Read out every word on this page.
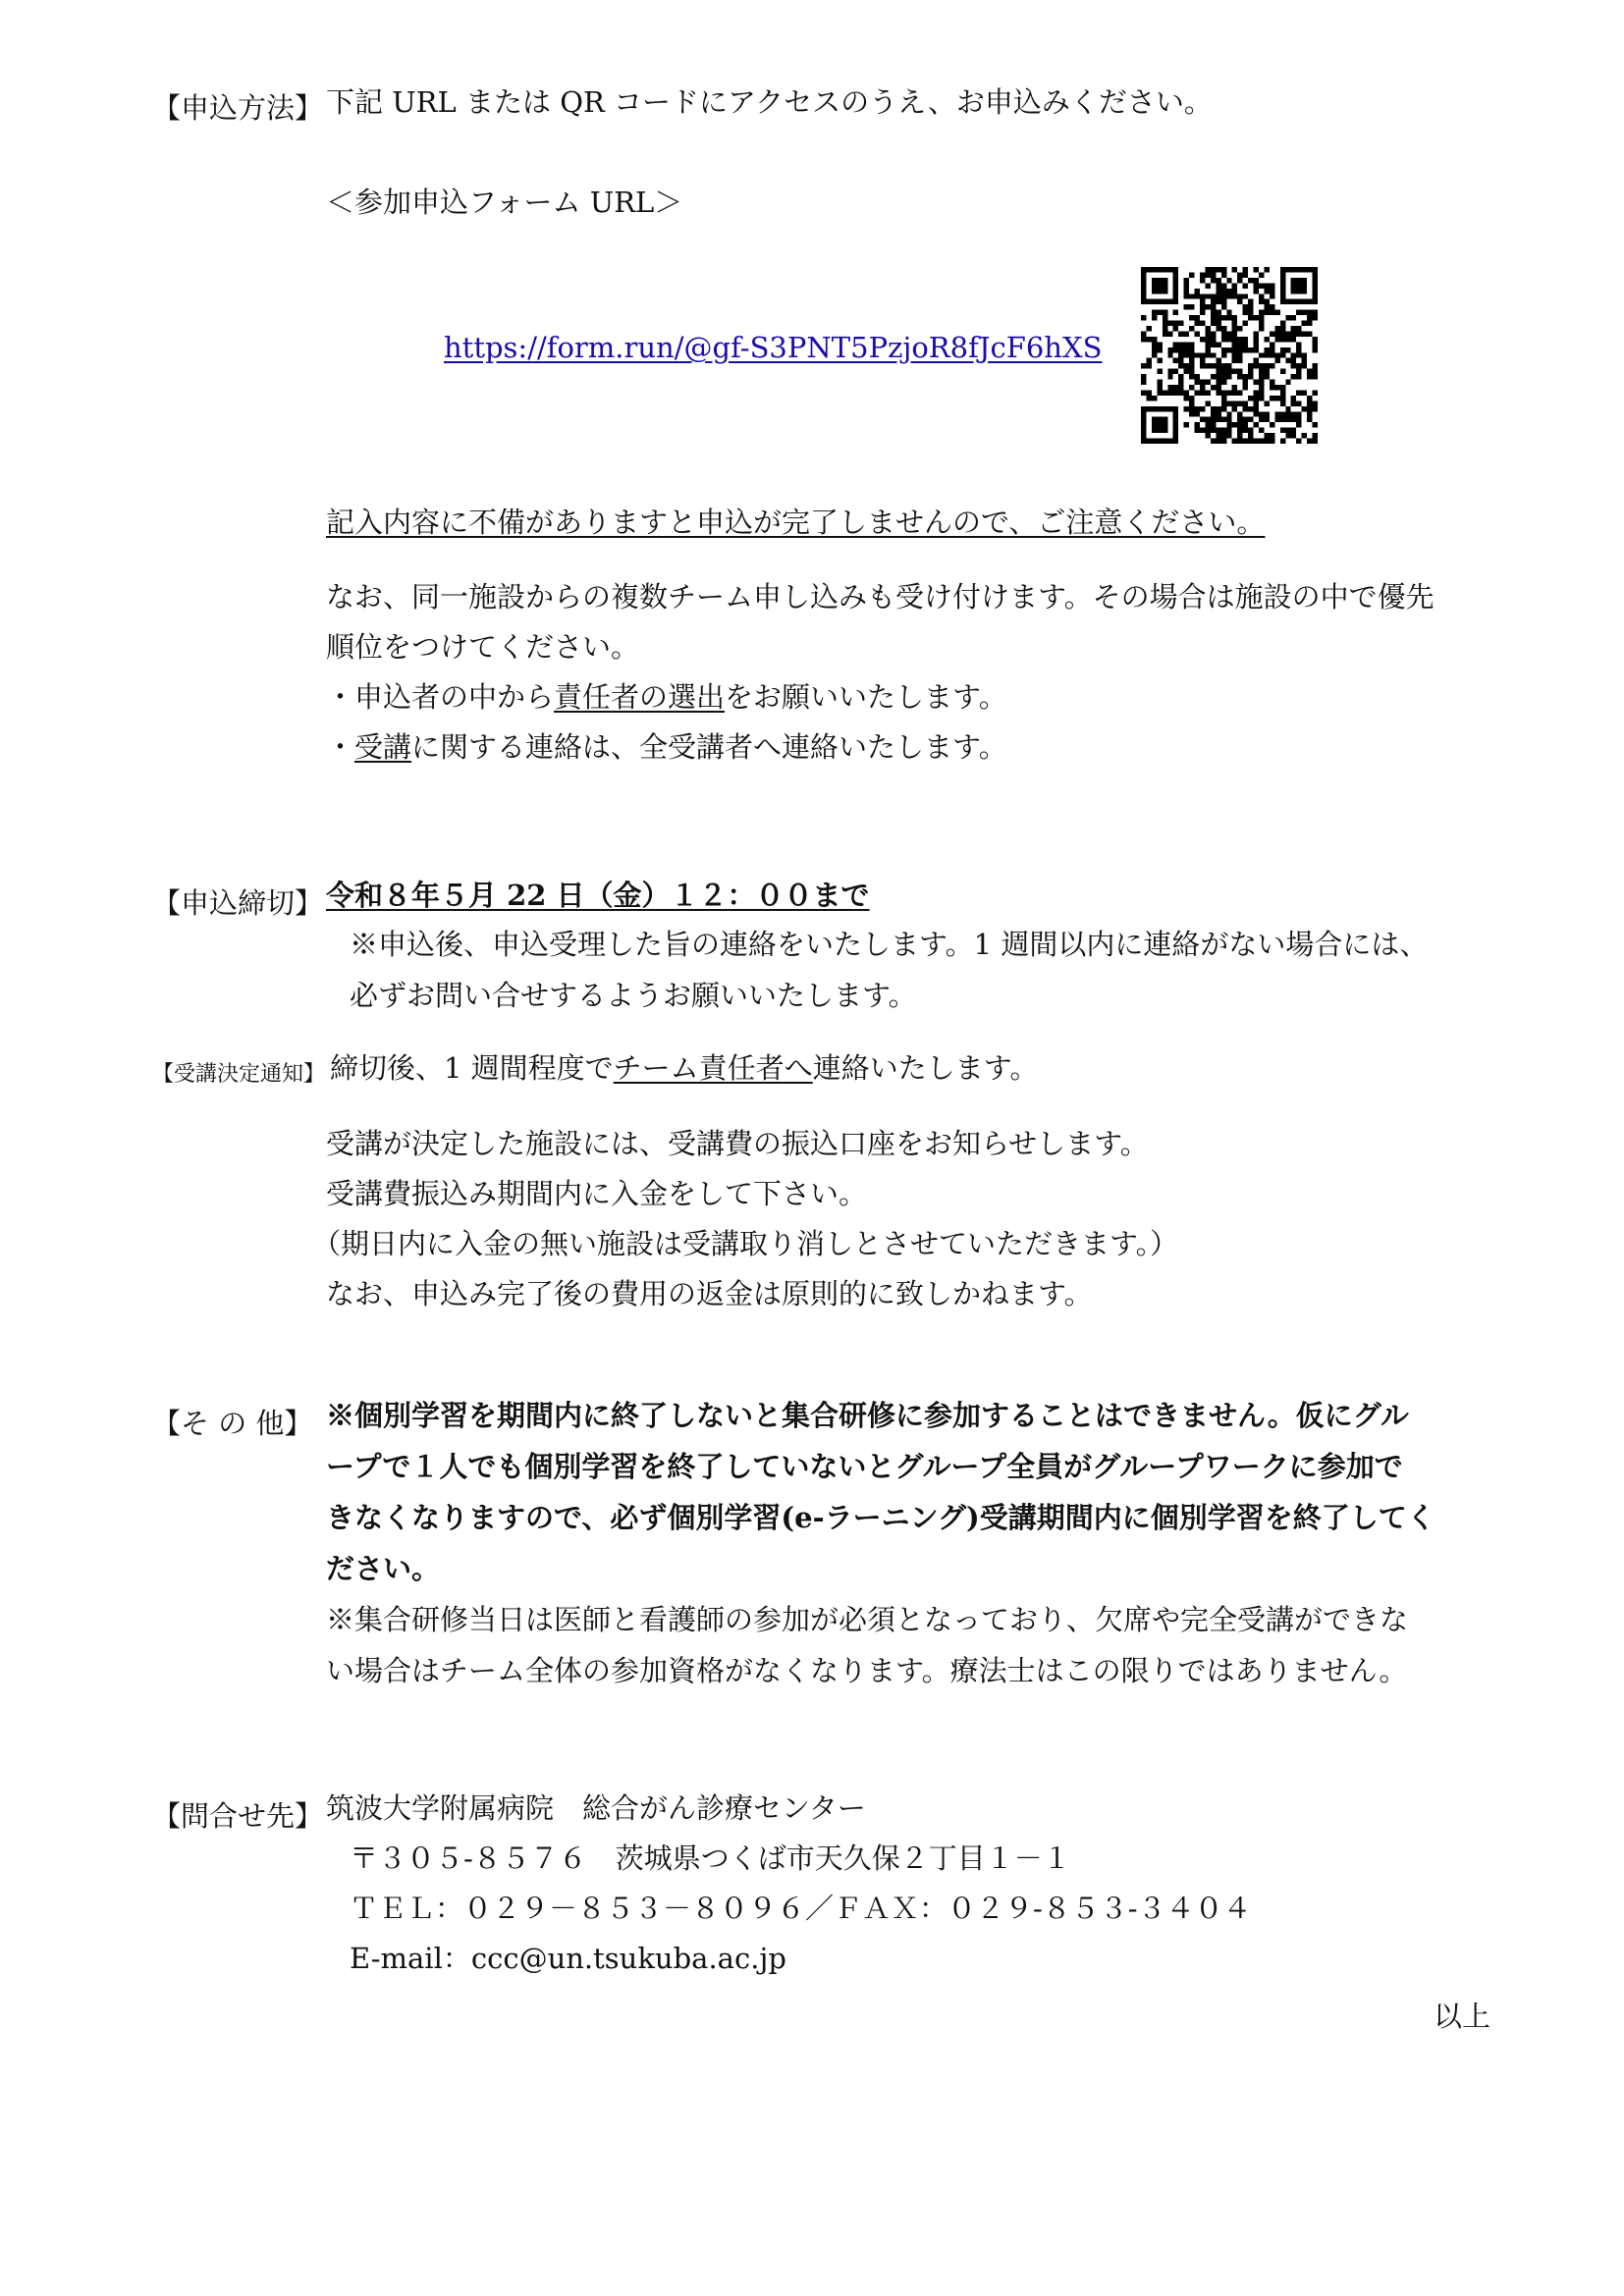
【申込方法】 下記 URL または QR コードにアクセスのうえ、お申込みください。
＜参加申込フォーム URL＞
https://form.run/@gf-S3PNT5PzjoR8fJcF6hXS
記入内容に不備がありますと申込が完了しませんので、ご注意ください。
なお、同一施設からの複数チーム申し込みも受け付けます。その場合は施設の中で優先
順位をつけてください。
・申込者の中から責任者の選出をお願いいたします。
・受講に関する連絡は、全受講者へ連絡いたします。
【申込締切】 令和８年５月 22 日（金）１２：００まで
※申込後、申込受理した旨の連絡をいたします。1 週間以内に連絡がない場合には、
必ずお問い合せするようお願いいたします。
【受講決定通知】 締切後、1 週間程度でチーム責任者へ連絡いたします。
受講が決定した施設には、受講費の振込口座をお知らせします。
受講費振込み期間内に入金をして下さい。
（期日内に入金の無い施設は受講取り消しとさせていただきます。）
なお、申込み完了後の費用の返金は原則的に致しかねます。
【そ の 他】 ※個別学習を期間内に終了しないと集合研修に参加することはできません。仮にグル
ープで１人でも個別学習を終了していないとグループ全員がグループワークに参加で
きなくなりますので、必ず個別学習(e-ラーニング)受講期間内に個別学習を終了してく
ださい。
※集合研修当日は医師と看護師の参加が必須となっており、欠席や完全受講ができな
い場合はチーム全体の参加資格がなくなります。療法士はこの限りではありません。
【問合せ先】 筑波大学附属病院　総合がん診療センター
〒３０５-８５７６　茨城県つくば市天久保２丁目１－１
ＴＥＬ：０２９－８５３－８０９６／ＦＡＸ：０２９-８５３-３４０４
E-mail：ccc@un.tsukuba.ac.jp
以上
